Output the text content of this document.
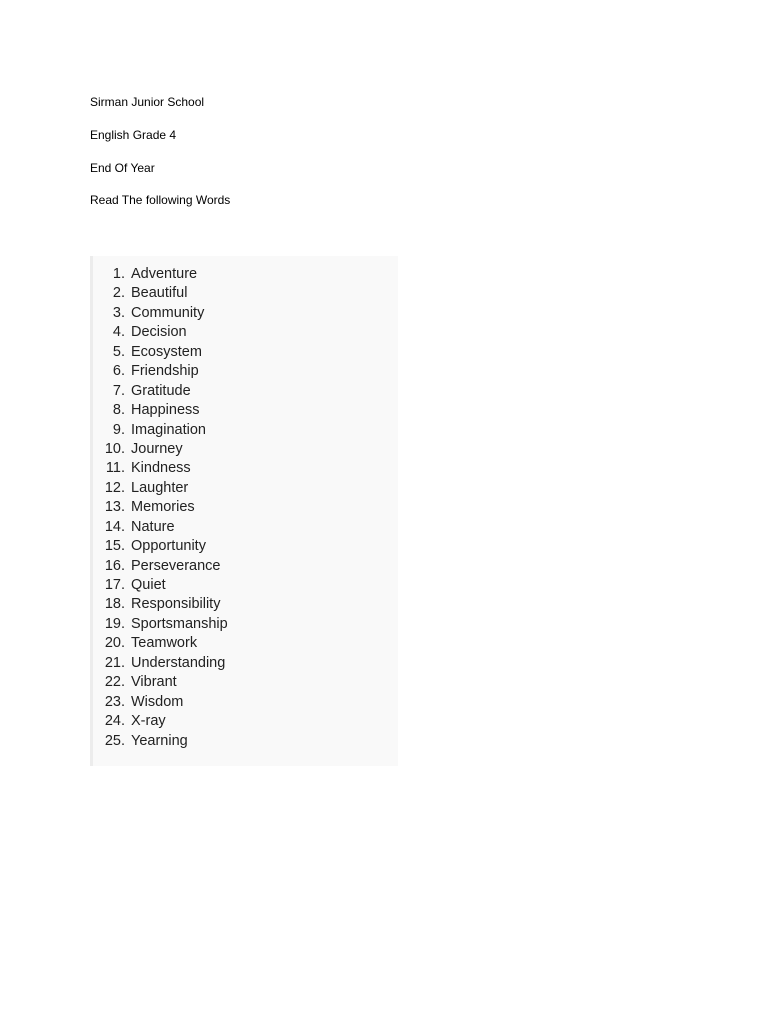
Sirman Junior School
English Grade 4
End Of Year
Read The following Words
1. Adventure
2. Beautiful
3. Community
4. Decision
5. Ecosystem
6. Friendship
7. Gratitude
8. Happiness
9. Imagination
10. Journey
11. Kindness
12. Laughter
13. Memories
14. Nature
15. Opportunity
16. Perseverance
17. Quiet
18. Responsibility
19. Sportsmanship
20. Teamwork
21. Understanding
22. Vibrant
23. Wisdom
24. X-ray
25. Yearning
